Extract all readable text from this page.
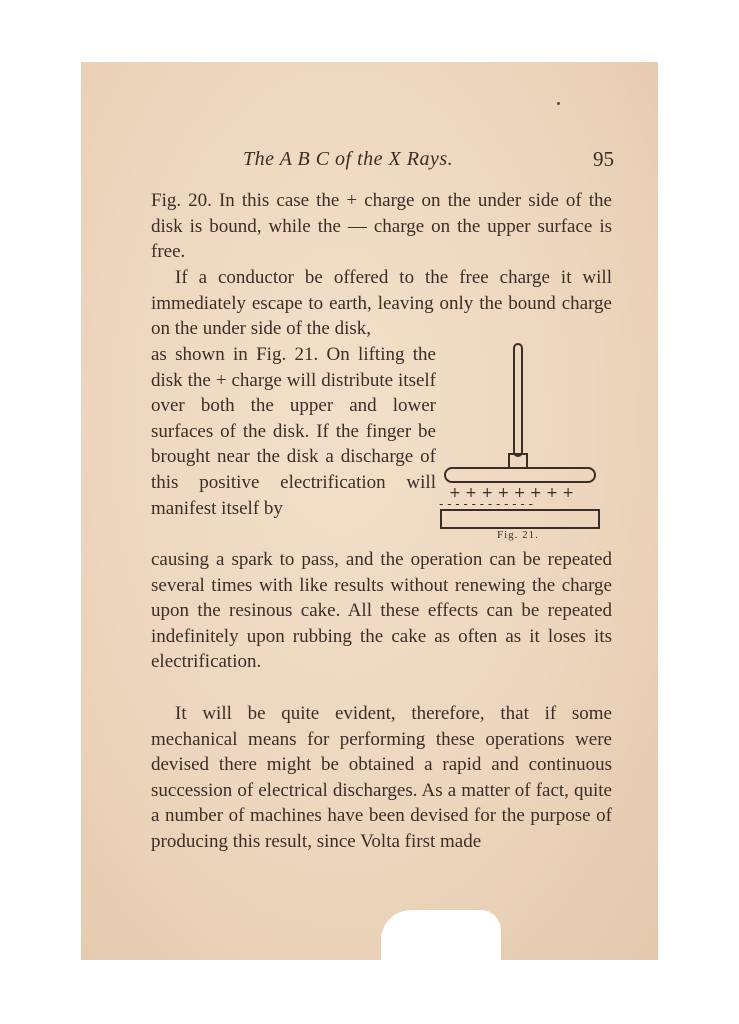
The A B C of the X Rays.	95

Fig. 20. In this case the + charge on the under side of the disk is bound, while the — charge on the upper surface is free.

If a conductor be offered to the free charge it will immediately escape to earth, leaving only the bound charge on the under side of the disk,

as shown in Fig. 21. On lifting the disk the + charge will distribute itself over both the upper and lower surfaces of the disk. If the finger be brought near the disk a discharge of this positive electrification will manifest itself by

causing a spark to pass, and the operation can be repeated several times with like results without renewing the charge upon the resinous cake. All these effects can be repeated indefinitely upon rubbing the cake as often as it loses its electrification.

It will be quite evident, therefore, that if some mechanical means for performing these operations were devised there might be obtained a rapid and continuous succession of electrical discharges. As a matter of fact, quite a number of machines have been devised for the purpose of producing this result, since Volta first made

+ + + + + + + +
- - - - - - - - - - - -
Fig. 21.
